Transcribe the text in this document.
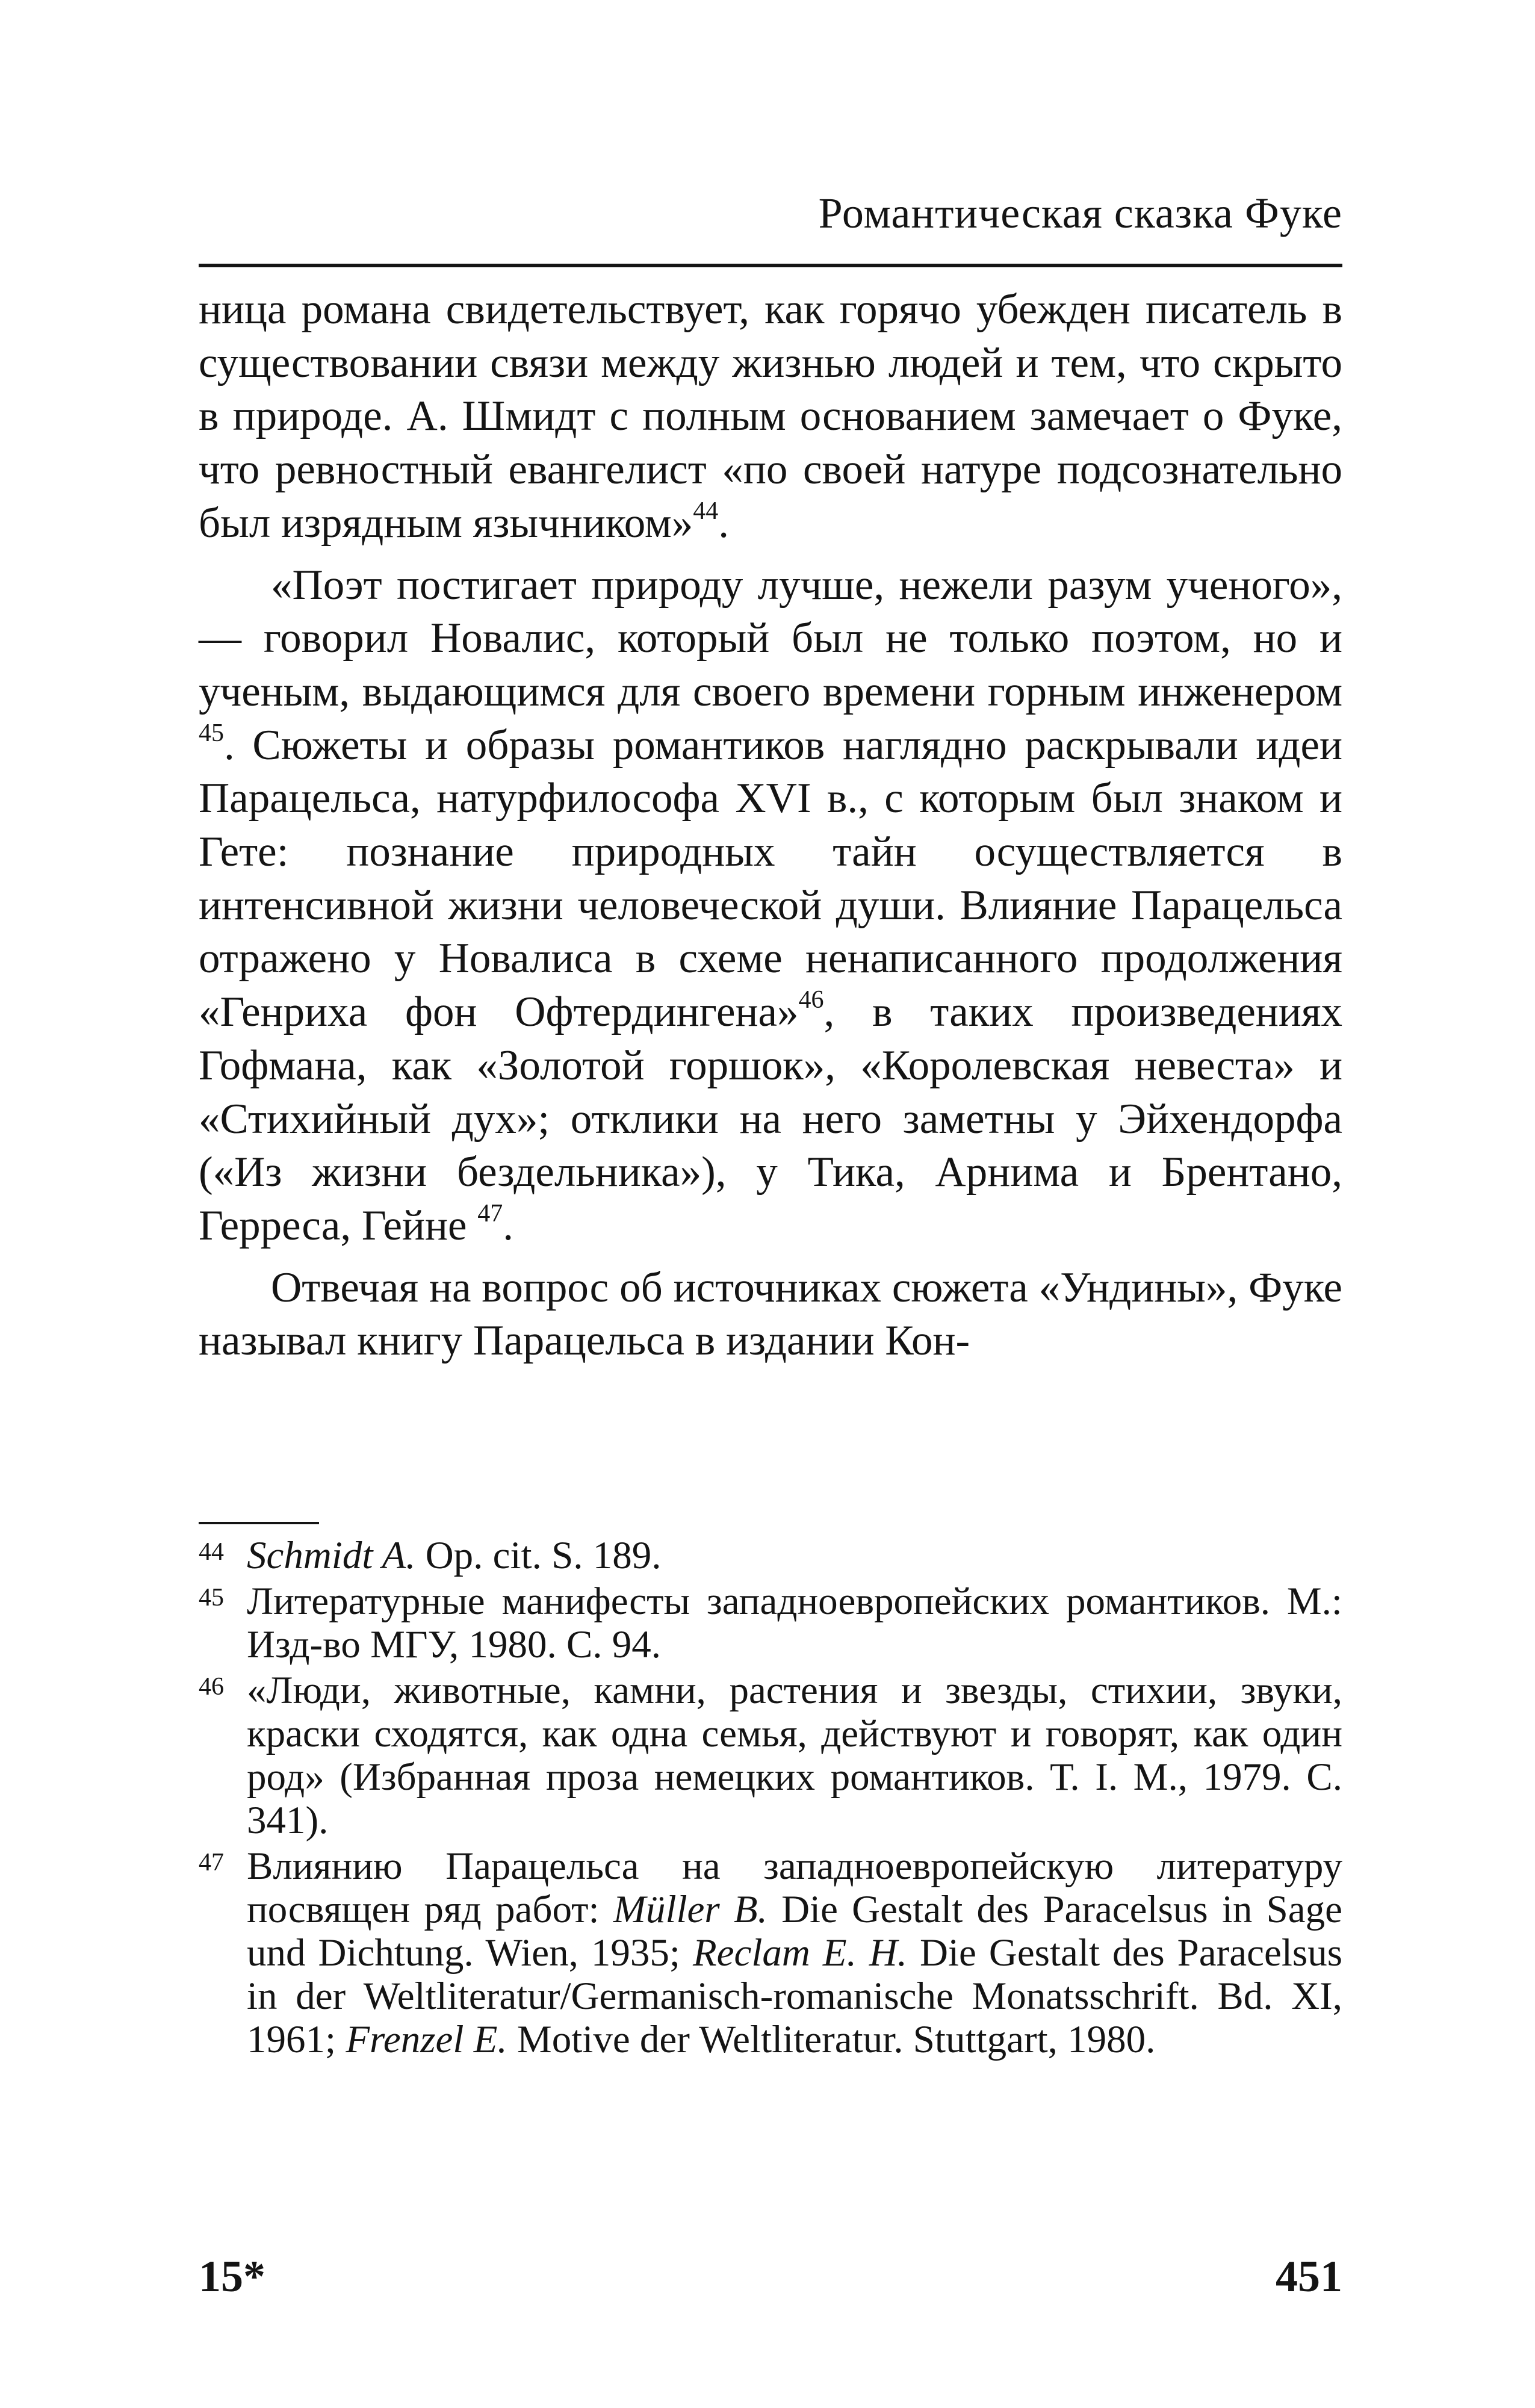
Романтическая сказка Фуке

ница романа свидетельствует, как горячо убежден писатель в существовании связи между жизнью людей и тем, что скрыто в природе. А. Шмидт с полным основанием замечает о Фуке, что ревностный евангелист «по своей натуре подсознательно был изрядным язычником»$^{44}$.

«Поэт постигает природу лучше, нежели разум ученого»,— говорил Новалис, который был не только поэтом, но и ученым, выдающимся для своего времени горным инженером $^{45}$. Сюжеты и образы романтиков наглядно раскрывали идеи Парацельса, натурфилософа XVI в., с которым был знаком и Гете: познание природных тайн осуществляется в интенсивной жизни человеческой души. Влияние Парацельса отражено у Новалиса в схеме ненаписанного продолжения «Генриха фон Офтердингена»$^{46}$, в таких произведениях Гофмана, как «Золотой горшок», «Королевская невеста» и «Стихийный дух»; отклики на него заметны у Эйхендорфа («Из жизни бездельника»), у Тика, Арнима и Брентано, Герреса, Гейне $^{47}$.

Отвечая на вопрос об источниках сюжета «Ундины», Фуке называл книгу Парацельса в издании Кон-

44 Schmidt A. Op. cit. S. 189.
45 Литературные манифесты западноевропейских романтиков. М.: Изд-во МГУ, 1980. С. 94.
46 «Люди, животные, камни, растения и звезды, стихии, звуки, краски сходятся, как одна семья, действуют и говорят, как один род» (Избранная проза немецких романтиков. Т. I. М., 1979. С. 341).
47 Влиянию Парацельса на западноевропейскую литературу посвящен ряд работ: Müller B. Die Gestalt des Paracelsus in Sage und Dichtung. Wien, 1935; Reclam E. H. Die Gestalt des Paracelsus in der Weltliteratur/Germanisch-romanische Monatsschrift. Bd. XI, 1961; Frenzel E. Motive der Weltliteratur. Stuttgart, 1980.
15*	451
